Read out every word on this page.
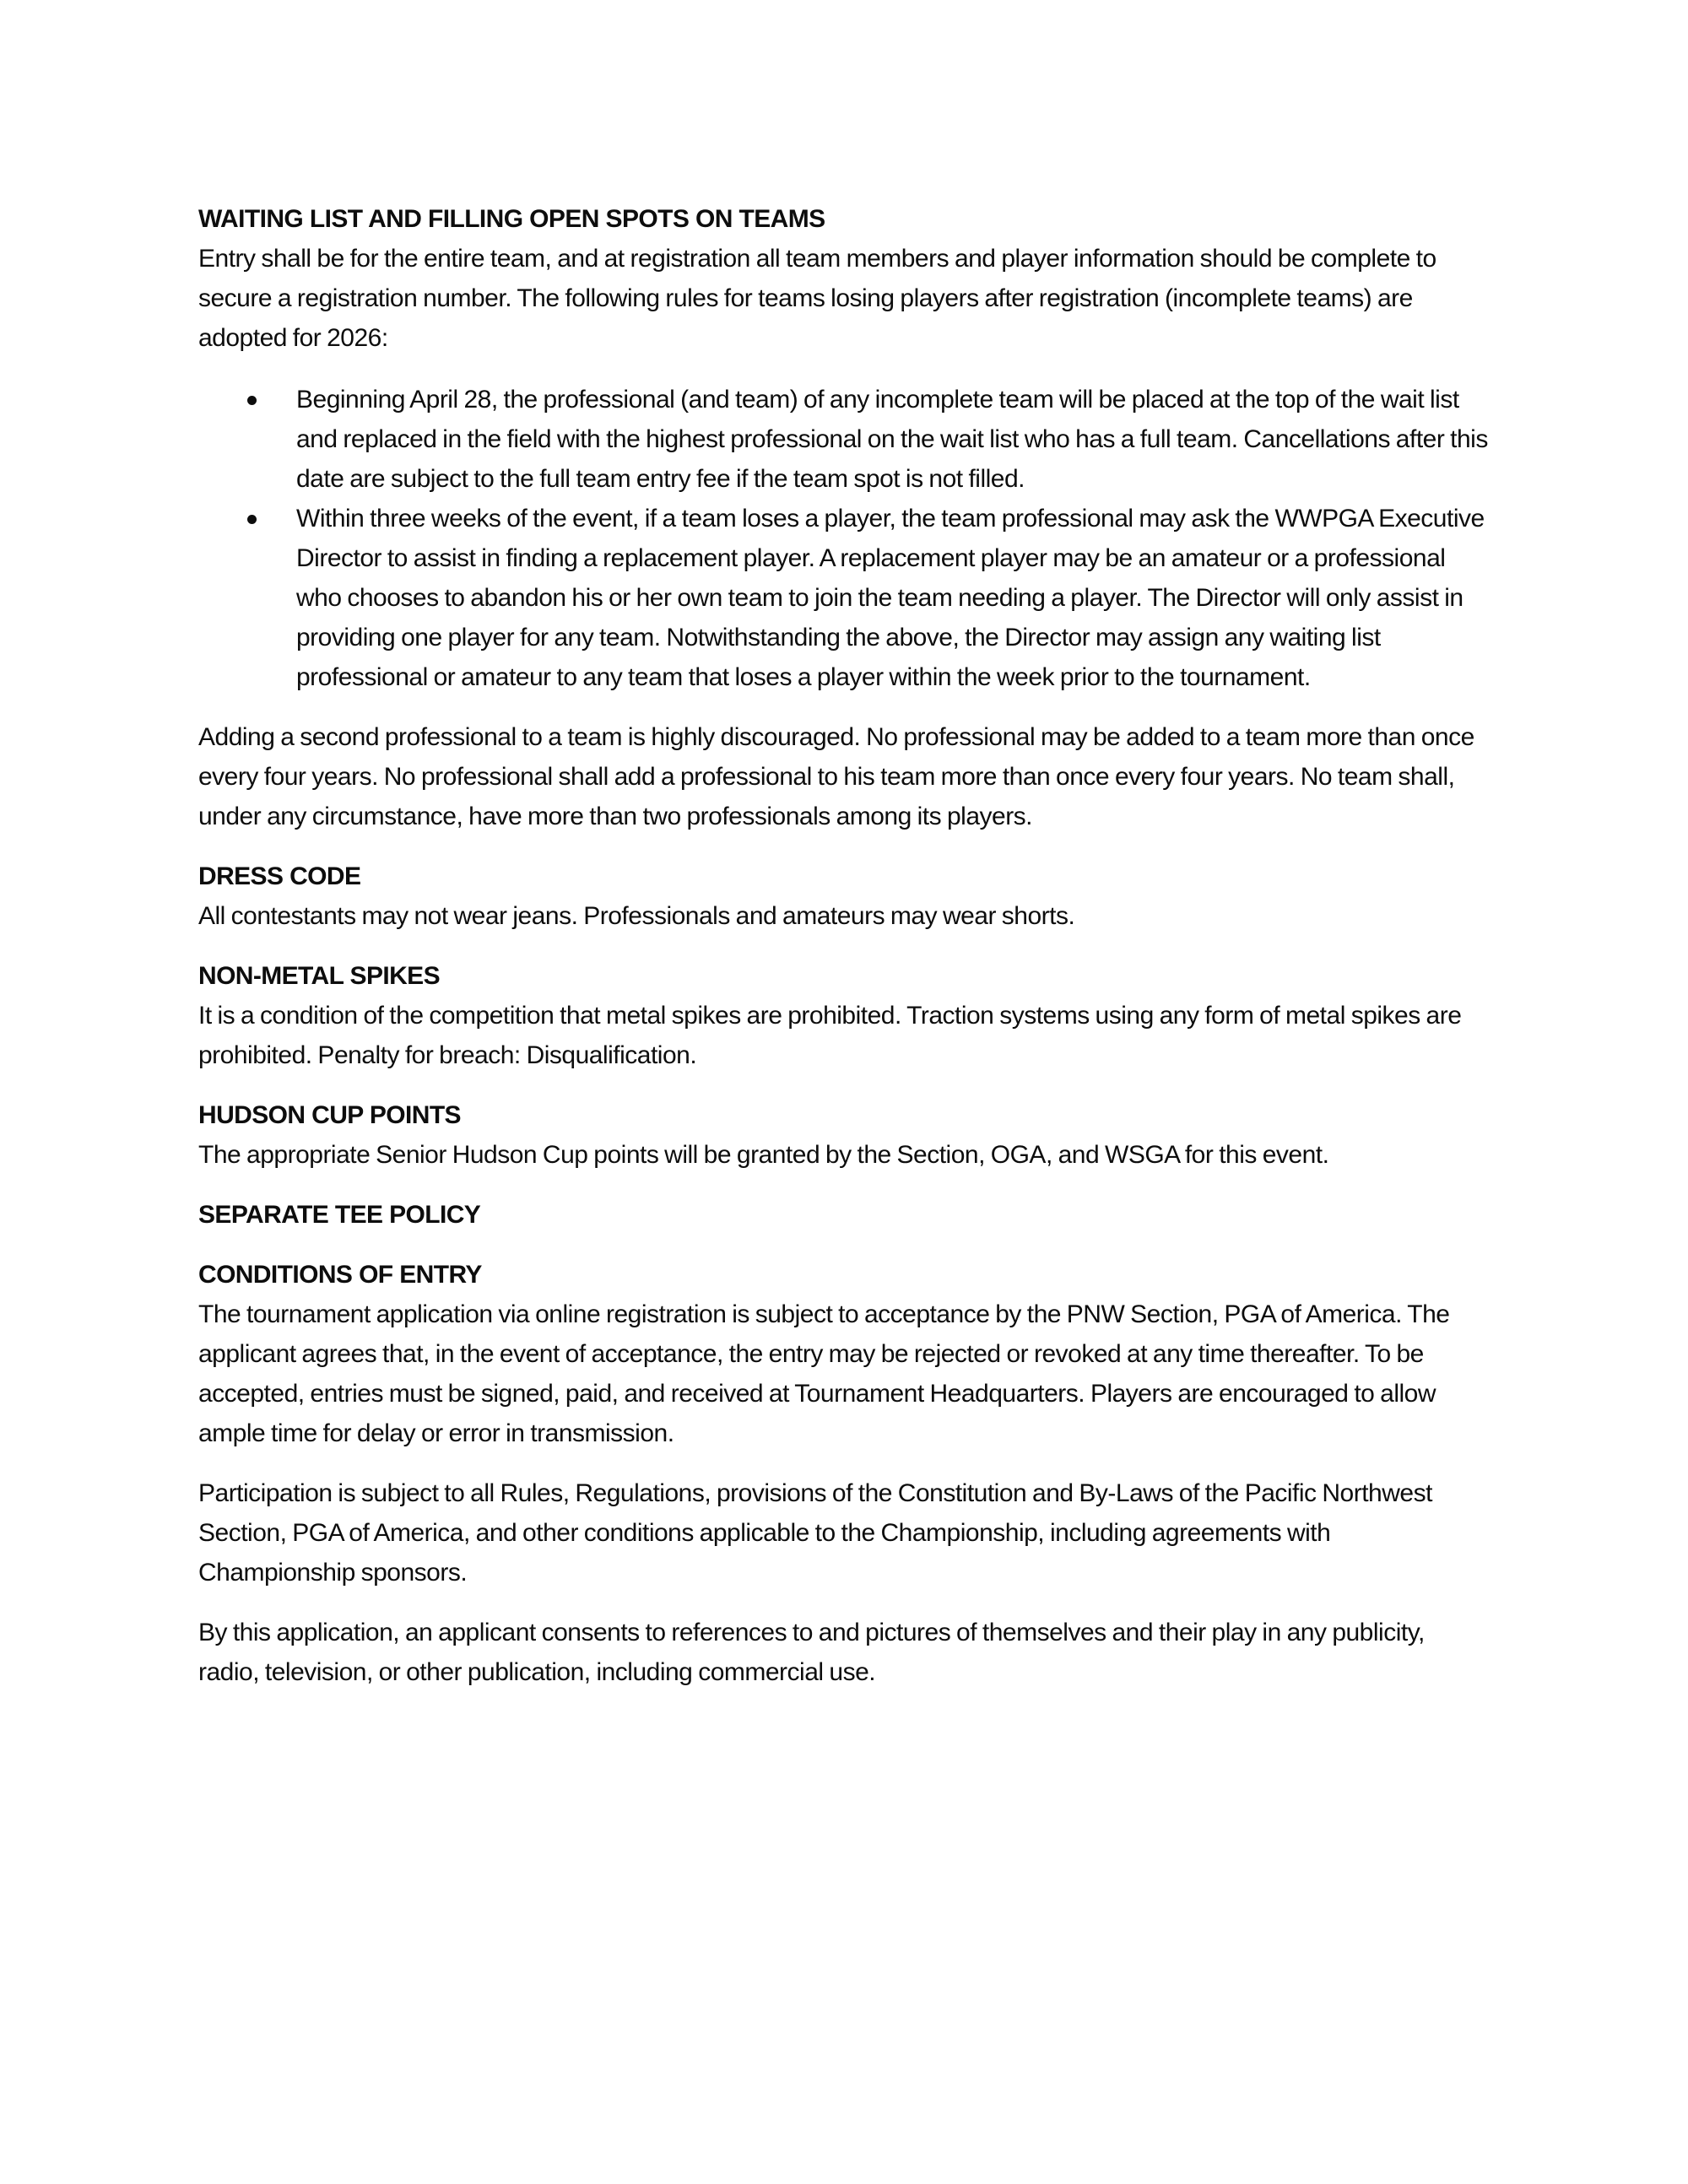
WAITING LIST AND FILLING OPEN SPOTS ON TEAMS

Entry shall be for the entire team, and at registration all team members and player information should be complete to secure a registration number. The following rules for teams losing players after registration (incomplete teams) are adopted for 2026:

Beginning April 28, the professional (and team) of any incomplete team will be placed at the top of the wait list and replaced in the field with the highest professional on the wait list who has a full team. Cancellations after this date are subject to the full team entry fee if the team spot is not filled.
Within three weeks of the event, if a team loses a player, the team professional may ask the WWPGA Executive Director to assist in finding a replacement player. A replacement player may be an amateur or a professional who chooses to abandon his or her own team to join the team needing a player. The Director will only assist in providing one player for any team. Notwithstanding the above, the Director may assign any waiting list professional or amateur to any team that loses a player within the week prior to the tournament.

Adding a second professional to a team is highly discouraged. No professional may be added to a team more than once every four years. No professional shall add a professional to his team more than once every four years. No team shall, under any circumstance, have more than two professionals among its players.

DRESS CODE

All contestants may not wear jeans. Professionals and amateurs may wear shorts.

NON-METAL SPIKES

It is a condition of the competition that metal spikes are prohibited. Traction systems using any form of metal spikes are prohibited. Penalty for breach: Disqualification.

HUDSON CUP POINTS

The appropriate Senior Hudson Cup points will be granted by the Section, OGA, and WSGA for this event.

SEPARATE TEE POLICY

CONDITIONS OF ENTRY

The tournament application via online registration is subject to acceptance by the PNW Section, PGA of America. The applicant agrees that, in the event of acceptance, the entry may be rejected or revoked at any time thereafter. To be accepted, entries must be signed, paid, and received at Tournament Headquarters. Players are encouraged to allow ample time for delay or error in transmission.

Participation is subject to all Rules, Regulations, provisions of the Constitution and By-Laws of the Pacific Northwest Section, PGA of America, and other conditions applicable to the Championship, including agreements with Championship sponsors.

By this application, an applicant consents to references to and pictures of themselves and their play in any publicity, radio, television, or other publication, including commercial use.
